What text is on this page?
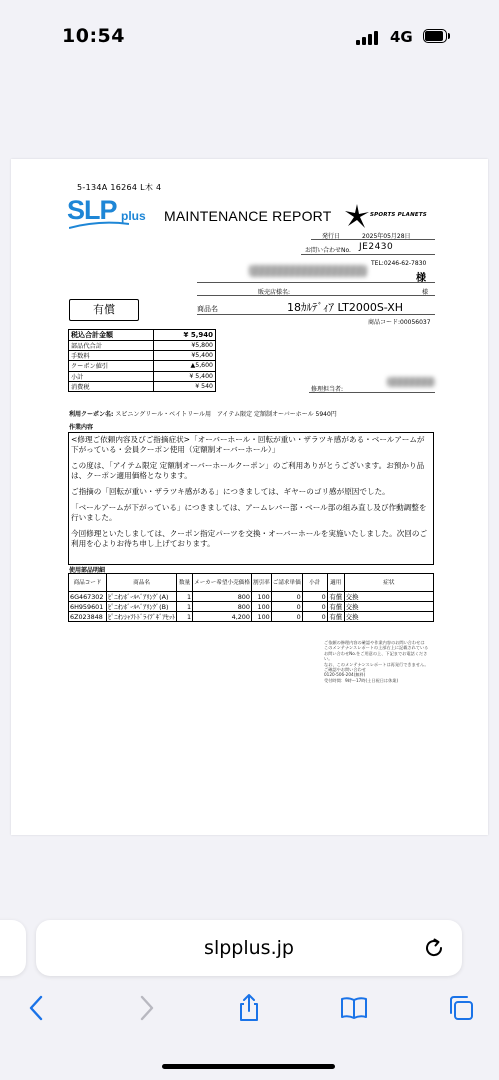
10:54	4G
5-134A 16264 L木 4
SLP plus MAINTENANCE REPORT	SPORTS PLANETS
発行日	2025年05月28日
お問い合わせNo. JE2430
TEL:0246-62-7830
様
販売店様名:	様
有償	商品名	18ｶﾙﾃﾞｨｱ LT2000S-XH
商品コード:00056037
税込合計金額	¥ 5,940
部品代合計	¥5,800
手数料	¥5,400
クーポン値引	▲5,600
小計	¥ 5,400
消費税	¥ 540	修理担当者:
利用クーポン名: スピニングリール・ベイトリール用　アイテム限定 定額制オーバーホール 5940円
作業内容

<修理ご依頼内容及びご指摘症状>「オーバーホール・回転が重い・ザラツキ感がある・ベールアームが下がっている・会員クーポン使用（定額制オーバーホール）」

この度は、「アイテム限定 定額制オーバーホールクーポン」のご利用ありがとうございます。お預かり品は、クーポン適用価格となります。

ご指摘の「回転が重い・ザラツキ感がある」につきましては、ギヤーのゴリ感が原因でした。

「ベールアームが下がっている」につきましては、アームレバー部・ベール部の組み直し及び作動調整を行いました。

今回修理といたしましては、クーポン指定パーツを交換・オーバーホールを実施いたしました。次回のご利用を心よりお待ち申し上げております。

使用部品明細
商品コード	商品名	数量	メーカー希望小売価格	割引率	ご請求単価	小計	適用	症状
6G467302	ﾋﾟﾆｵﾝﾎﾞｰﾙﾍﾞｱﾘﾝｸﾞ(A)	1	800	100	0	0	有償	交換
6H959601	ﾋﾟﾆｵﾝﾎﾞｰﾙﾍﾞｱﾘﾝｸﾞ(B)	1	800	100	0	0	有償	交換
6Z023848	ﾋﾟﾆｵﾝｼｬﾌﾄﾄﾞﾗｲﾌﾞｷﾞｱｾｯﾄ	1	4,200	100	0	0	有償	交換
ご依頼の修理内容の確認や作業内容のお問い合わせは
このメンテナンスレポートの上部右上に記載されている
お問い合わせNo.をご用意の上、下記までお電話ください。
なお、このメンテナンスレポートは再発行できません。
ご確認やお問い合わせ
0120-506-204(無料)
受付時間：9時〜17時(土日祝日は休業)
slpplus.jp
